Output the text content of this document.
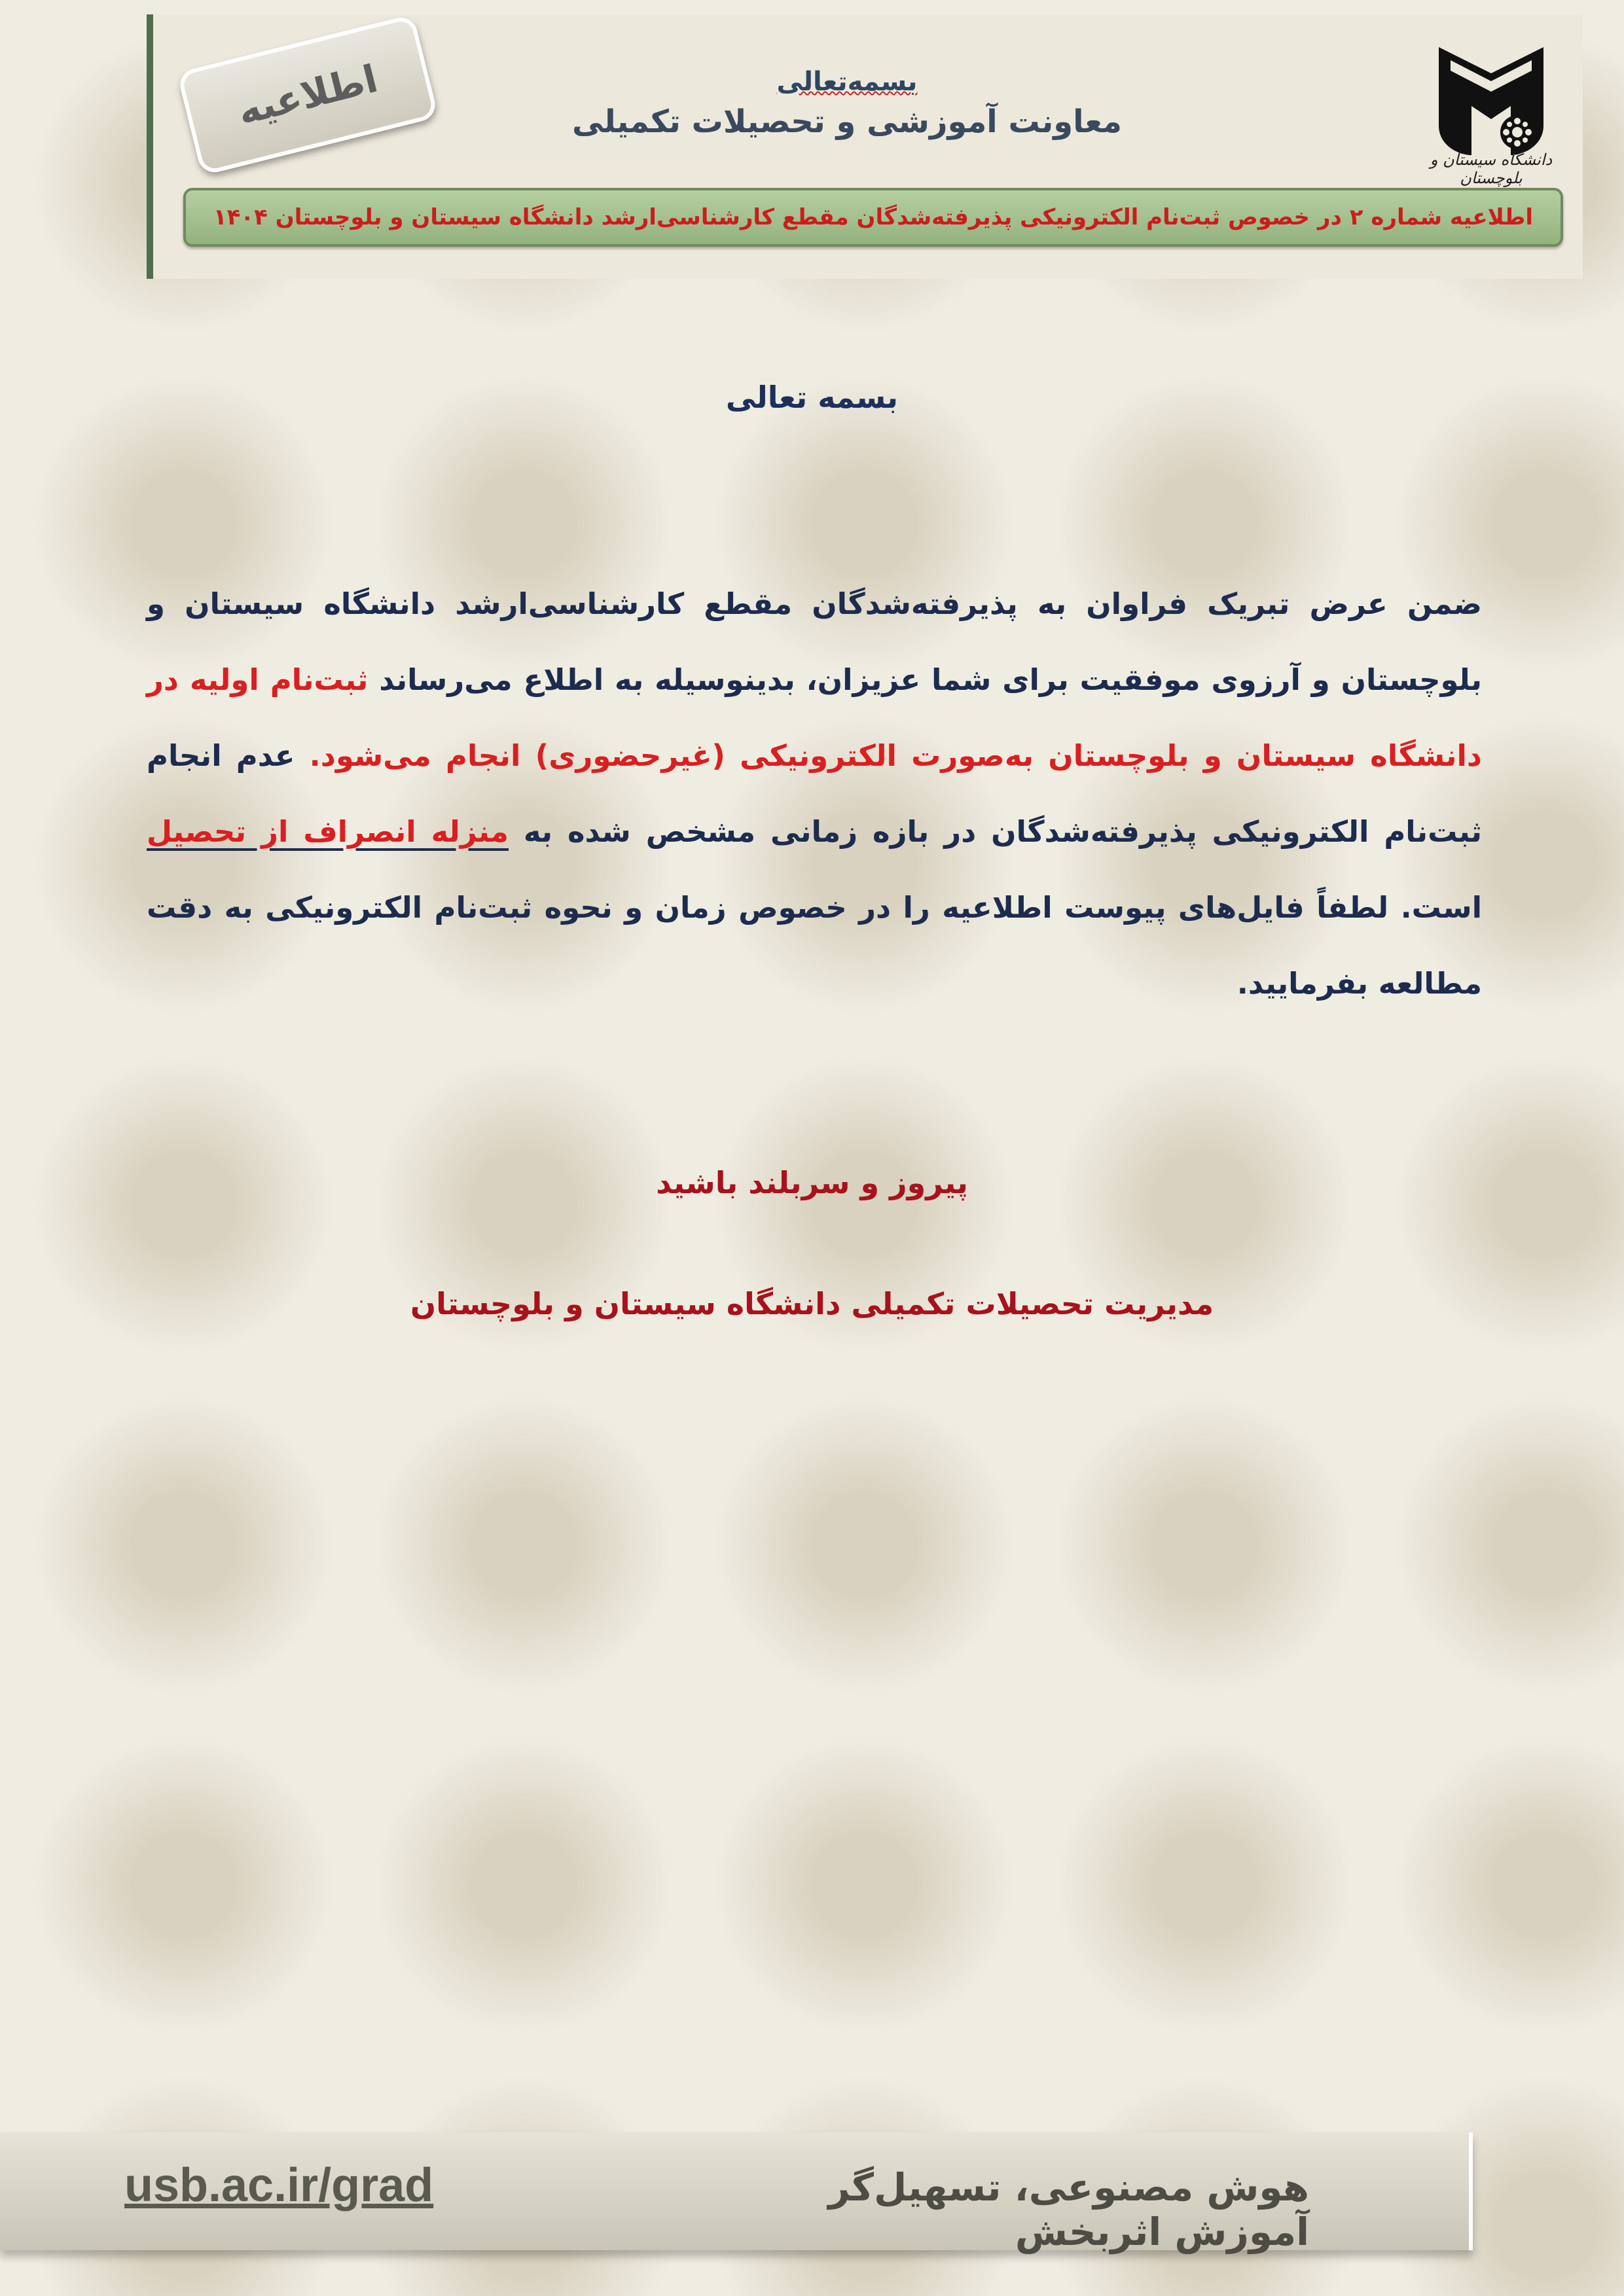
اطلاعیه	بسمه‌تعالی
معاونت آموزشی و تحصیلات تکمیلی
دانشگاه سیستان و بلوچستان
اطلاعیه شماره ۲ در خصوص ثبت‌نام الکترونیکی پذیرفته‌شدگان مقطع کارشناسی‌ارشد دانشگاه سیستان و بلوچستان ۱۴۰۴
بسمه تعالی
ضمن عرض تبریک فراوان به پذیرفته‌شدگان مقطع کارشناسی‌ارشد دانشگاه سیستان و بلوچستان و آرزوی موفقیت برای شما عزیزان، بدینوسیله به اطلاع می‌رساند ثبت‌نام اولیه در دانشگاه سیستان و بلوچستان به‌صورت الکترونیکی (غیرحضوری) انجام می‌شود. عدم انجام ثبت‌نام الکترونیکی پذیرفته‌شدگان در بازه زمانی مشخص شده به منزله انصراف از تحصیل است. لطفاً فایل‌های پیوست اطلاعیه را در خصوص زمان و نحوه ثبت‌نام الکترونیکی به دقت مطالعه بفرمایید.
پیروز و سربلند باشید
مدیریت تحصیلات تکمیلی دانشگاه سیستان و بلوچستان
usb.ac.ir/grad	هوش مصنوعی، تسهیل‌گر آموزش اثربخش
